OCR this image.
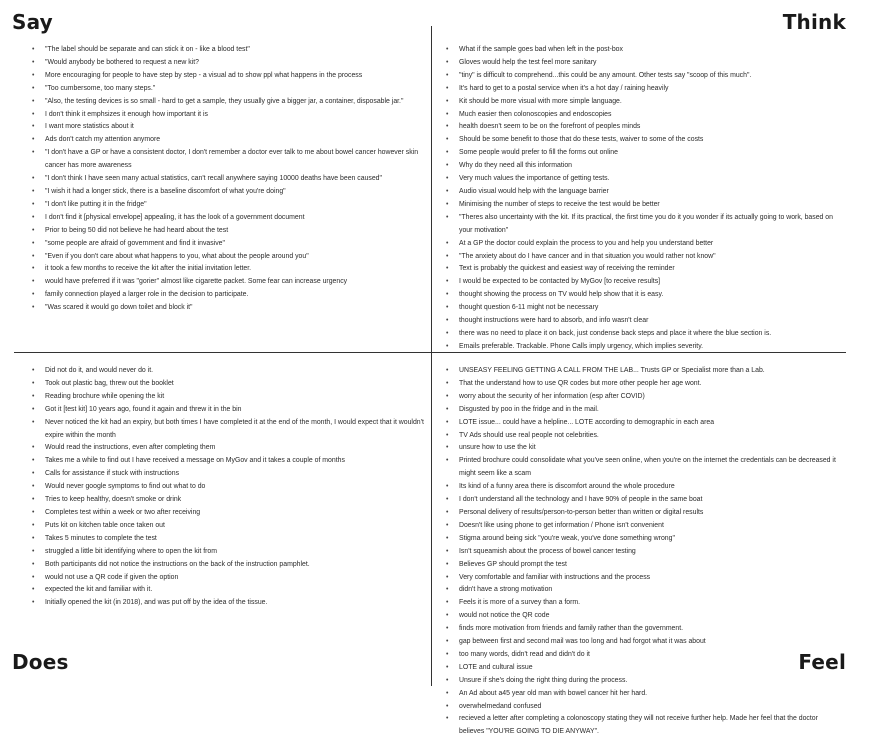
Say	Think
Does	Feel
• "The label should be separate and can stick it on - like a blood test"
• "Would anybody be bothered to request a new kit?
• More encouraging for people to have step by step - a visual ad to show ppl what happens in the process
• "Too cumbersome, too many steps."
• "Also, the testing devices is so small - hard to get a sample, they usually give a bigger jar, a container, disposable jar."
• I don't think it emphsizes it enough how important it is
• I want more statistics about it
• Ads don't catch my attention anymore
• "I don't have a GP or have a consistent doctor, I don't remember a doctor ever talk to me about bowel cancer however skin cancer has more awareness
• "I don't think I have seen many actual statistics, can't recall anywhere saying 10000 deaths have been caused"
• "I wish it had a longer stick, there is a baseline discomfort of what you're doing"
• "I don't like putting it in the fridge"
• I don't find it [physical envelope] appealing, it has the look of a government document
• Prior to being 50 did not believe he had heard about the test
• "some people are afraid of government and find it invasive"
• "Even if you don't care about what happens to you, what about the people around you"
• it took a few months to receive the kit after the initial invitation letter.
• would have preferred if it was "gorier" almost like cigarette packet. Some fear can increase urgency
• family connection played a larger role in the decision to participate.
• "Was scared it would go down toilet and block it"
• What if the sample goes bad when left in the post-box
• Gloves would help the test feel more sanitary
• "tiny" is difficult to comprehend...this could be any amount. Other tests say "scoop of this much".
• It's hard to get to a postal service when it's a hot day / raining heavily
• Kit should be more visual with more simple language.
• Much easier then colonoscopies and endoscopies
• health doesn't seem to be on the forefront of peoples minds
• Should be some benefit to those that do these tests, waiver to some of the costs
• Some people would prefer to fill the forms out online
• Why do they need all this information
• Very much values the importance of getting tests.
• Audio visual would help with the language barrier
• Minimising the number of steps to receive the test would be better
• "Theres also uncertainty with the kit. If its practical, the first time you do it you wonder if its actually going to work, based on your motivation"
• At a GP the doctor could explain the process to you and help you understand better
• "The anxiety about do I have cancer and in that situation you would rather not know"
• Text is probably the quickest and easiest way of receiving the reminder
• I would be expected to be contacted by MyGov [to receive results]
• thought showing the process on TV would help show that it is easy.
• thought question 6-11 might not be necessary
• thought instructions were hard to absorb, and info wasn't clear
• there was no need to place it on back, just condense back steps and place it where the blue section is.
• Emails preferable. Trackable. Phone Calls imply urgency, which implies severity.
• Did not do it, and would never do it.
• Took out plastic bag, threw out the booklet
• Reading brochure while opening the kit
• Got it [test kit] 10 years ago, found it again and threw it in the bin
• Never noticed the kit had an expiry, but both times I have completed it at the end of the month, I would expect that it wouldn't expire within the month
• Would read the instructions, even after completing them
• Takes me a while to find out I have received a message on MyGov and it takes a couple of months
• Calls for assistance if stuck with instructions
• Would never google symptoms to find out what to do
• Tries to keep healthy, doesn't smoke or drink
• Completes test within a week or two after receiving
• Puts kit on kitchen table once taken out
• Takes 5 minutes to complete the test
• struggled a little bit identifying where to open the kit from
• Both participants did not notice the instructions on the back of the instruction pamphlet.
• would not use a QR code if given the option
• expected the kit and familiar with it.
• Initially opened the kit (in 2018), and was put off by the idea of the tissue.
• UNSEASY FEELING GETTING A CALL FROM THE LAB... Trusts GP or Specialist more than a Lab.
• That the understand how to use QR codes but more other people her age wont.
• worry about the security of her information (esp after COVID)
• Disgusted by poo in the fridge and in the mail.
• LOTE issue... could have a helpline... LOTE according to demographic in each area
• TV Ads should use real people not celebrities.
• unsure how to use the kit
• Printed brochure could consolidate what you've seen online, when you're on the internet the credentials can be decreased it might seem like a scam
• Its kind of a funny area there is discomfort around the whole procedure
• I don't understand all the technology and I have 90% of people in the same boat
• Personal delivery of results/person-to-person better than written or digital results
• Doesn't like using phone to get information / Phone isn't convenient
• Stigma around being sick "you're weak, you've done something wrong"
• Isn't squeamish about the process of bowel cancer testing
• Believes GP should prompt the test
• Very comfortable and familiar with instructions and the process
• didn't have a strong motivation
• Feels it is more of a survey than a form.
• would not notice the QR code
• finds more motivation from friends and family rather than the government.
• gap between first and second mail was too long and had forgot what it was about
• too many words, didn't read and didn't do it
• LOTE and cultural issue
• Unsure if she's doing the right thing during the process.
• An Ad about a45 year old man with bowel cancer hit her hard.
• overwhelmedand confused
• recieved a letter after completing a colonoscopy stating they will not receive further help. Made her feel that the doctor believes "YOU'RE GOING TO DIE ANYWAY".
